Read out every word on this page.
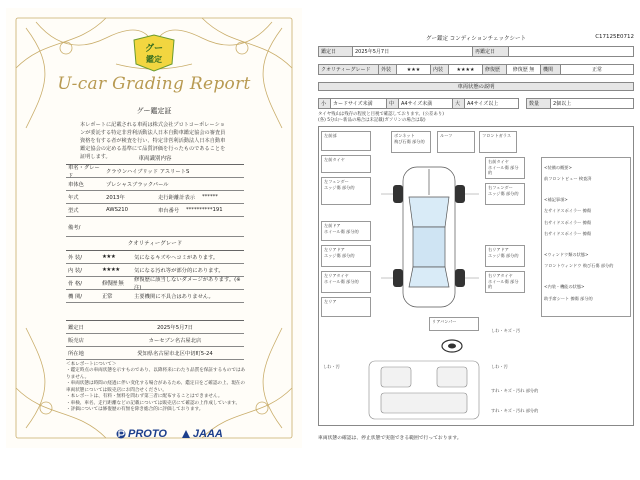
グー
鑑定
U-car Grading Report
グー鑑定証
本レポートに記載される車両は株式会社プロトコーポレーションが委託する特定非営利活動法人日本自動車鑑定協会の審査員資格を有する者が検査を行い、特定非営利活動法人日本自動車鑑定協会の定める基準にて品質評価を行ったものであることを証明します。	車両識別内容
車名・グレード
クラウンハイブリッド アスリートS
車体色	プレシャスブラックパール
年式	2013年	走行距離計表示	******
型式	AWS210	車台番号	**********191
備考/
クオリティーグレード
外 装/	★★★	気になるキズやヘコミがあります。
内 装/	★★★★	気になる汚れ等が部分的にあります。
骨 格/	修復歴 無
修復歴に該当しないダメージがあります。(※注)
機 関/	正常	主要機関に不具合はありません。
鑑定日	2025年5月7日
販売店	カーセブン名古屋北店
所在地	愛知県名古屋市北区中切町5-24
＜本レポートについて＞
・鑑定時点の車両状態を示すものであり、以降将来にわたり品質を保証するものではありません。
・車両状態は時間の経過に伴い変化する場合があるため、鑑定日をご確認の上、現在の車両状態については販売店にお問合せください。
・本レポートは、有料・無料を問わず第三者に配布することはできません。
・車検、車名、走行距離などの記載については販売店にて確認の上作成しています。
・評価については修復歴の有無を除き総合的に評価しております。
PROTO JAAA
グー鑑定 コンディションチェックシート	C17125E0712
鑑定日	2025年5月7日	再鑑定日	
クオリティーグレード	外装	★★★	内装	★★★★	修復歴	修復歴 無	機関	正常
車両状態の説明
小	カードサイズ未満	中	A4サイズ未満	大	A4サイズ以上		数量	2個以上
タイヤ残山は残存の程度と目視で確認しております。(公差あり)
(各) 5分山～新品の場合は未記載(ガソリンの場合は取)
左前部
左前タイヤ
左フェンダー
エッジ傷 部分的
左前ドア
ホイール傷 部分的
左リアドア
エッジ傷 部分的
左リアタイヤ
ホイール傷 部分的
左リア
ボンネット
飛び石傷 部分的
ルーフ	フロントガラス
右前タイヤ
ホイール傷 部分的
右フェンダー
エッジ傷 部分的
右リアドア
エッジ傷 部分的
右リアタイヤ
ホイール傷 部分的
リアバンパー
しわ・汚
しわ・キズ・汚
しわ・汚
すれ・キズ・汚れ 部分的
すれ・キズ・汚れ 部分的

<装備の概要>

前フロントビュー 検査済

<補記事項>

左サイドスポイラー 擦傷

右サイドスポイラー 擦傷

右サイドスポイラー 擦傷

<ウィンドウ類の状態>

フロントウィンドウ 飛び石傷 部分的

<内装・機能の状態>

助手席シート 擦傷 部分的

車両状態の確認は、停止状態で実施できる範囲で行っております。
